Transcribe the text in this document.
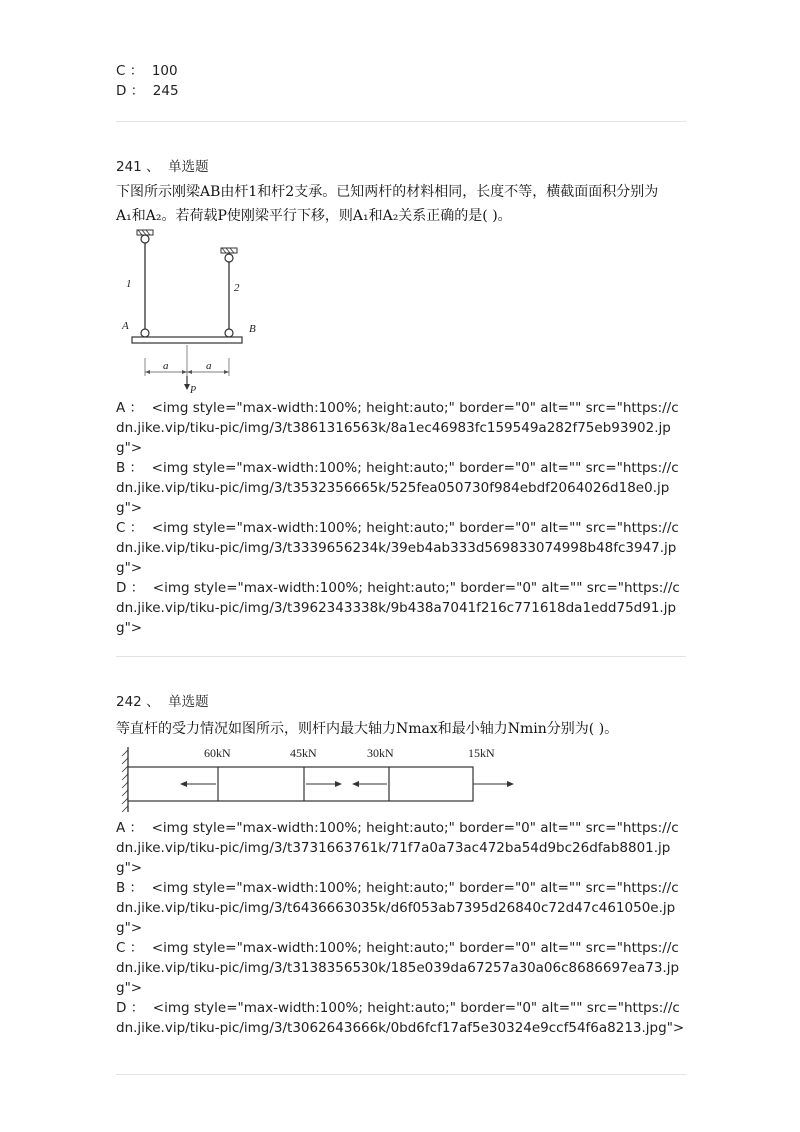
C ：  100
D ：  245
241 、 单选题
下图所示刚梁AB由杆1和杆2支承。已知两杆的材料相同，长度不等，横截面面积分别为
A₁和A₂。若荷载P使刚梁平行下移，则A₁和A₂关系正确的是( )。
1	2
A	B
a	a
P
A ：  <img style="max-width:100%; height:auto;" border="0" alt="" src="https://cdn.jike.vip/tiku-pic/img/3/t3861316563k/8a1ec46983fc159549a282f75eb93902.jpg">
B ：  <img style="max-width:100%; height:auto;" border="0" alt="" src="https://cdn.jike.vip/tiku-pic/img/3/t3532356665k/525fea050730f984ebdf2064026d18e0.jpg">
C ：  <img style="max-width:100%; height:auto;" border="0" alt="" src="https://cdn.jike.vip/tiku-pic/img/3/t3339656234k/39eb4ab333d569833074998b48fc3947.jpg">
D ：  <img style="max-width:100%; height:auto;" border="0" alt="" src="https://cdn.jike.vip/tiku-pic/img/3/t3962343338k/9b438a7041f216c771618da1edd75d91.jpg">
242 、 单选题
等直杆的受力情况如图所示，则杆内最大轴力Nmax和最小轴力Nmin分别为( )。
60kN	45kN	30kN	15kN
A ：  <img style="max-width:100%; height:auto;" border="0" alt="" src="https://cdn.jike.vip/tiku-pic/img/3/t3731663761k/71f7a0a73ac472ba54d9bc26dfab8801.jpg">
B ：  <img style="max-width:100%; height:auto;" border="0" alt="" src="https://cdn.jike.vip/tiku-pic/img/3/t6436663035k/d6f053ab7395d26840c72d47c461050e.jpg">
C ：  <img style="max-width:100%; height:auto;" border="0" alt="" src="https://cdn.jike.vip/tiku-pic/img/3/t3138356530k/185e039da67257a30a06c8686697ea73.jpg">
D ：  <img style="max-width:100%; height:auto;" border="0" alt="" src="https://cdn.jike.vip/tiku-pic/img/3/t3062643666k/0bd6fcf17af5e30324e9ccf54f6a8213.jpg">
